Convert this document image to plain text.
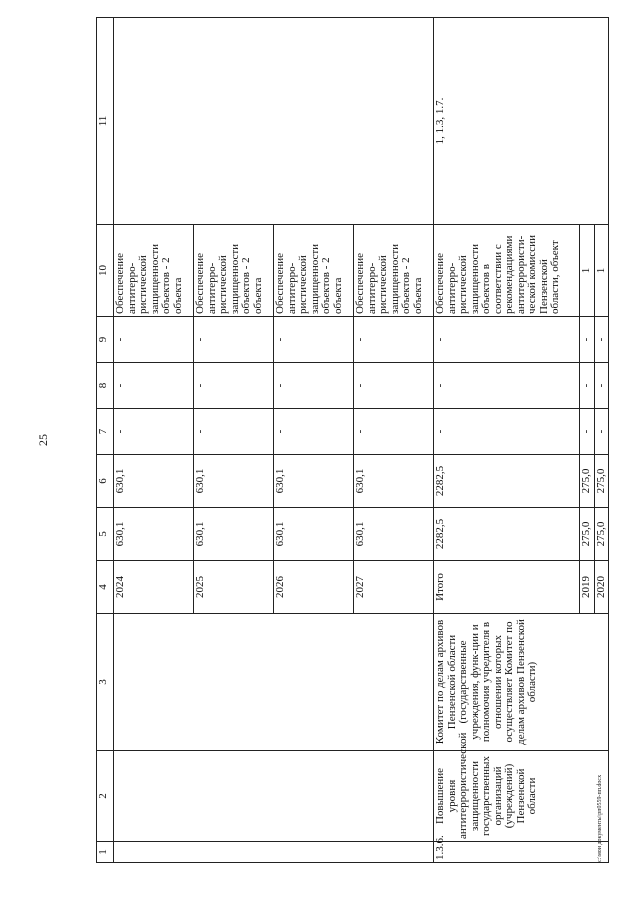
25
c:\мои документы\рп0559-пп.docx
1	2	3	4	5	6	7	8	9	10	11
			2024	630,1	630,1	-	-	-	Обеспечение антитерро-ристической защищенности объектов - 2 объекта	
			2025	630,1	630,1	-	-	-	Обеспечение антитерро-ристической защищенности объектов - 2 объекта	
			2026	630,1	630,1	-	-	-	Обеспечение антитерро-ристической защищенности объектов - 2 объекта	
			2027	630,1	630,1	-	-	-	Обеспечение антитерро-ристической защищенности объектов - 2 объекта	
1.3.6.	Повышение уровня антитеррористической защищенности государственных организаций (учреждений) Пензенской области	Комитет по делам архивов Пензенской области (государственные учреждения, функ-ции и полномочия учредителя в отношении которых осуществляет Комитет по делам архивов Пензенской области)	Итого	2282,5	2282,5	-	-	-	Обеспечение антитерро-ристической защищенности объектов в соответствии с рекомендациями антитеррористи-ческой комиссии Пензенской области, объект	1, 1.3, 1.7.
			2019	275,0	275,0	-	-	-	1	
			2020	275,0	275,0	-	-	-	1	
